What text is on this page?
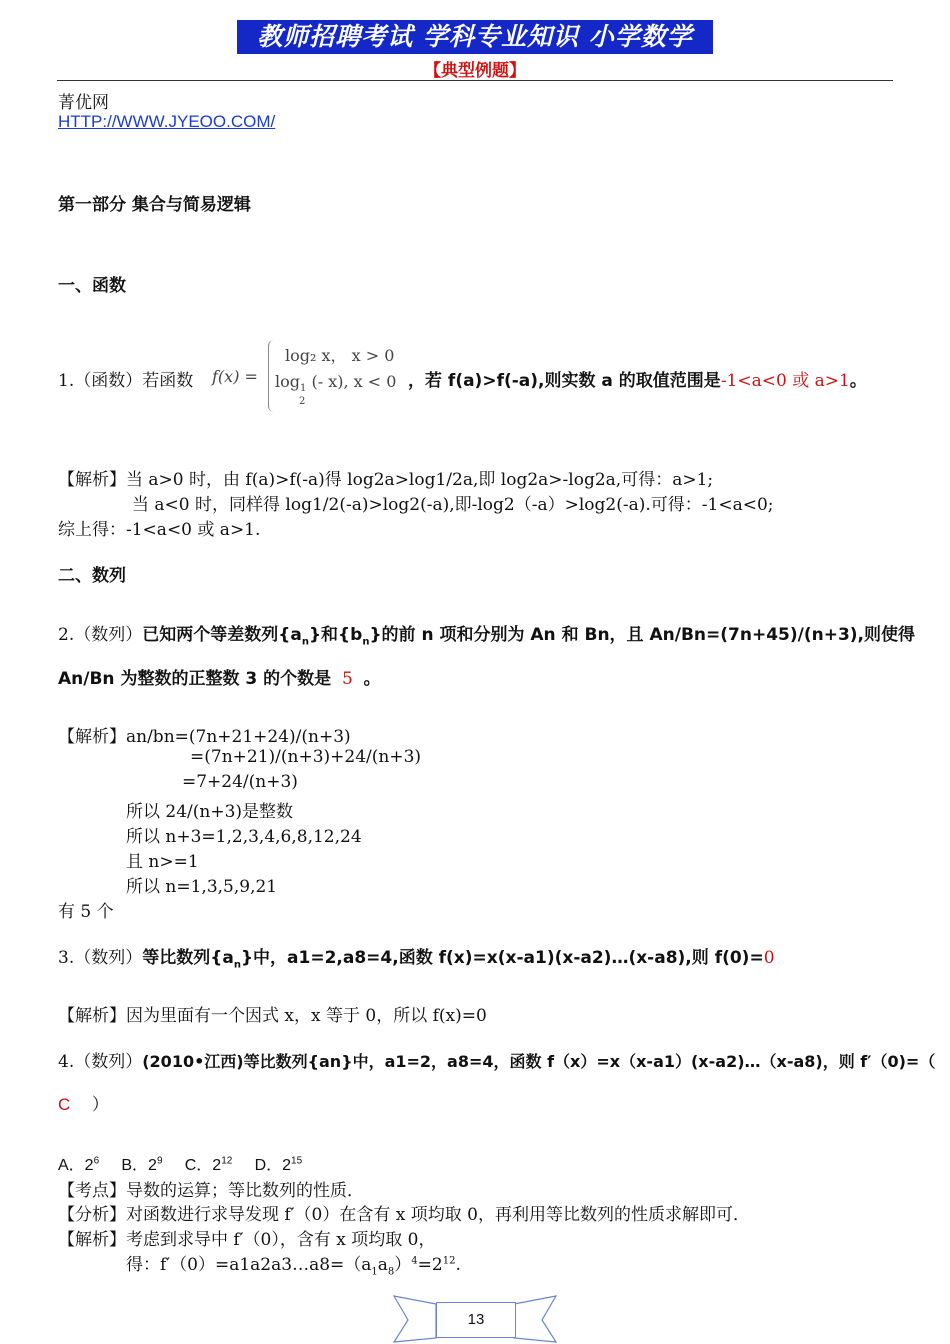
教师招聘考试 学科专业知识 小学数学
【典型例题】
菁优网
HTTP://WWW.JYEOO.COM/
第一部分 集合与简易逻辑
一、函数
1.（函数）若函数 f(x) =
log₂ x， x > 0
$\log_1$
2
(- x), x < 0 ，若 f(a)>f(-a),则实数 a 的取值范围是-1<a<0 或 a>1。
【解析】当 a>0 时，由 f(a)>f(-a)得 log2a>log1/2a,即 log2a>-log2a,可得：a>1;
当 a<0 时，同样得 log1/2(-a)>log2(-a),即-log2（-a）>log2(-a).可得：-1<a<0;
综上得：-1<a<0 或 a>1.
二、数列
2.（数列）已知两个等差数列$\{a_n\}$和$\{b_n\}$的前 n 项和分别为 An 和 Bn，且 An/Bn=(7n+45)/(n+3),则使得
An/Bn 为整数的正整数 3 的个数是 5 。
【解析】an/bn=(7n+21+24)/(n+3)
=(7n+21)/(n+3)+24/(n+3)
=7+24/(n+3)
所以 24/(n+3)是整数
所以 n+3=1,2,3,4,6,8,12,24
且 n>=1
所以 n=1,3,5,9,21
有 5 个
3.（数列）等比数列$\{a_n\}$中，a1=2,a8=4,函数 f(x)=x(x-a1)(x-a2)…(x-a8),则 f(0)=0
【解析】因为里面有一个因式 x，x 等于 0，所以 f(x)=0
4.（数列）(2010•江西)等比数列{an}中，a1=2，a8=4，函数 f（x）=x（x-a1）(x-a2)…（x-a8)，则 f′（0)=（
C ）
A．$2^6$ B．$2^9$ C．$2^{12}$ D．$2^{15}$
【考点】导数的运算；等比数列的性质．
【分析】对函数进行求导发现 f′（0）在含有 x 项均取 0，再利用等比数列的性质求解即可．
【解析】考虑到求导中 f′（0），含有 x 项均取 0，
得：$f'(0)=a1a2a3\dots a8=(a_1a_8)^4=2^{12}$.
13
